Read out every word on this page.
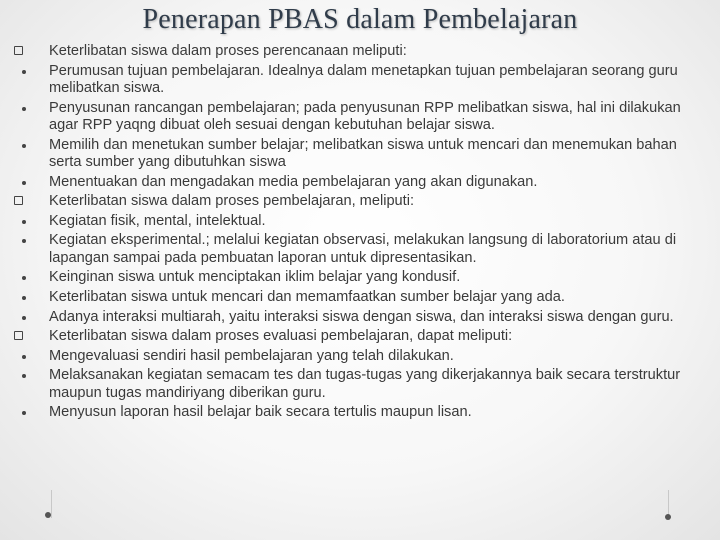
Penerapan PBAS dalam Pembelajaran
Keterlibatan siswa dalam proses perencanaan meliputi:
Perumusan tujuan pembelajaran. Idealnya dalam menetapkan tujuan pembelajaran seorang guru melibatkan siswa.
Penyusunan rancangan pembelajaran; pada penyusunan RPP melibatkan siswa, hal ini dilakukan agar RPP yaqng dibuat oleh sesuai dengan kebutuhan belajar siswa.
Memilih dan menetukan sumber belajar; melibatkan siswa untuk mencari dan menemukan bahan serta sumber yang dibutuhkan siswa
Menentuakan dan mengadakan media pembelajaran yang akan digunakan.
Keterlibatan siswa dalam proses pembelajaran, meliputi:
Kegiatan fisik, mental, intelektual.
Kegiatan eksperimental.; melalui kegiatan observasi, melakukan langsung di laboratorium atau di lapangan sampai pada pembuatan laporan untuk dipresentasikan.
Keinginan siswa untuk menciptakan iklim belajar yang kondusif.
Keterlibatan siswa untuk mencari dan memamfaatkan sumber belajar yang ada.
Adanya interaksi multiarah, yaitu interaksi siswa dengan siswa, dan interaksi siswa dengan guru.
Keterlibatan siswa dalam proses evaluasi pembelajaran, dapat meliputi:
Mengevaluasi sendiri hasil pembelajaran yang telah dilakukan.
Melaksanakan kegiatan semacam tes dan tugas-tugas yang dikerjakannya baik secara terstruktur maupun tugas mandiriyang diberikan guru.
Menyusun laporan hasil belajar baik secara tertulis maupun lisan.
